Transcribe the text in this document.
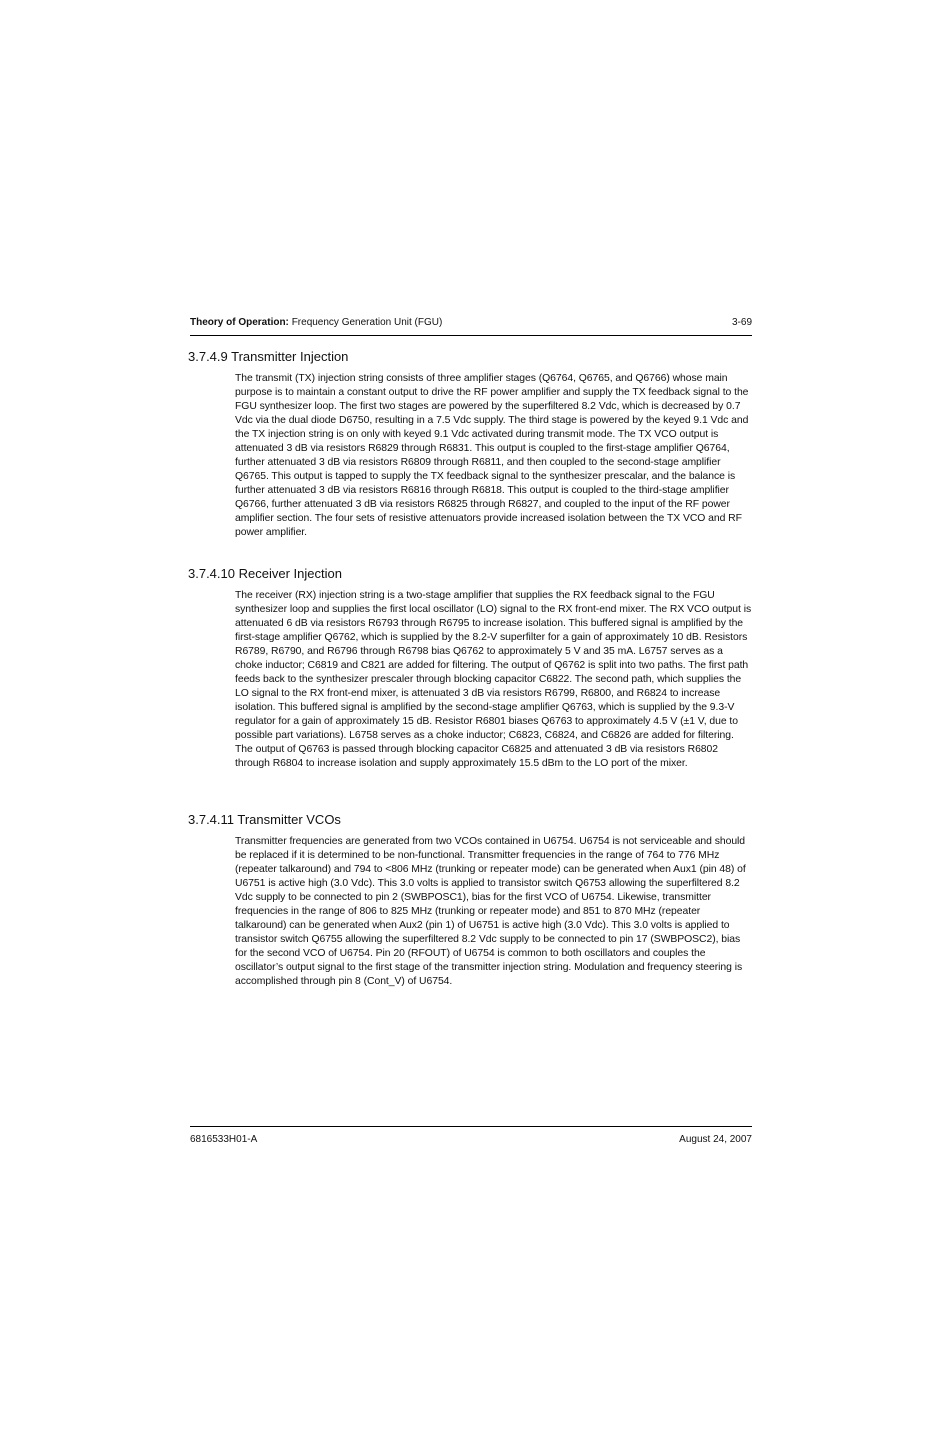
Theory of Operation: Frequency Generation Unit (FGU)	3-69
3.7.4.9 Transmitter Injection

The transmit (TX) injection string consists of three amplifier stages (Q6764, Q6765, and Q6766) whose main purpose is to maintain a constant output to drive the RF power amplifier and supply the TX feedback signal to the FGU synthesizer loop. The first two stages are powered by the superfiltered 8.2 Vdc, which is decreased by 0.7 Vdc via the dual diode D6750, resulting in a 7.5 Vdc supply. The third stage is powered by the keyed 9.1 Vdc and the TX injection string is on only with keyed 9.1 Vdc activated during transmit mode. The TX VCO output is attenuated 3 dB via resistors R6829 through R6831. This output is coupled to the first-stage amplifier Q6764, further attenuated 3 dB via resistors R6809 through R6811, and then coupled to the second-stage amplifier Q6765. This output is tapped to supply the TX feedback signal to the synthesizer prescalar, and the balance is further attenuated 3 dB via resistors R6816 through R6818. This output is coupled to the third-stage amplifier Q6766, further attenuated 3 dB via resistors R6825 through R6827, and coupled to the input of the RF power amplifier section. The four sets of resistive attenuators provide increased isolation between the TX VCO and RF power amplifier.

3.7.4.10 Receiver Injection

The receiver (RX) injection string is a two-stage amplifier that supplies the RX feedback signal to the FGU synthesizer loop and supplies the first local oscillator (LO) signal to the RX front-end mixer. The RX VCO output is attenuated 6 dB via resistors R6793 through R6795 to increase isolation. This buffered signal is amplified by the first-stage amplifier Q6762, which is supplied by the 8.2-V superfilter for a gain of approximately 10 dB. Resistors R6789, R6790, and R6796 through R6798 bias Q6762 to approximately 5 V and 35 mA. L6757 serves as a choke inductor; C6819 and C821 are added for filtering. The output of Q6762 is split into two paths. The first path feeds back to the synthesizer prescaler through blocking capacitor C6822. The second path, which supplies the LO signal to the RX front-end mixer, is attenuated 3 dB via resistors R6799, R6800, and R6824 to increase isolation. This buffered signal is amplified by the second-stage amplifier Q6763, which is supplied by the 9.3-V regulator for a gain of approximately 15 dB. Resistor R6801 biases Q6763 to approximately 4.5 V (±1 V, due to possible part variations). L6758 serves as a choke inductor; C6823, C6824, and C6826 are added for filtering. The output of Q6763 is passed through blocking capacitor C6825 and attenuated 3 dB via resistors R6802 through R6804 to increase isolation and supply approximately 15.5 dBm to the LO port of the mixer.

3.7.4.11 Transmitter VCOs

Transmitter frequencies are generated from two VCOs contained in U6754. U6754 is not serviceable and should be replaced if it is determined to be non-functional. Transmitter frequencies in the range of 764 to 776 MHz (repeater talkaround) and 794 to <806 MHz (trunking or repeater mode) can be generated when Aux1 (pin 48) of U6751 is active high (3.0 Vdc). This 3.0 volts is applied to transistor switch Q6753 allowing the superfiltered 8.2 Vdc supply to be connected to pin 2 (SWBPOSC1), bias for the first VCO of U6754. Likewise, transmitter frequencies in the range of 806 to 825 MHz (trunking or repeater mode) and 851 to 870 MHz (repeater talkaround) can be generated when Aux2 (pin 1) of U6751 is active high (3.0 Vdc). This 3.0 volts is applied to transistor switch Q6755 allowing the superfiltered 8.2 Vdc supply to be connected to pin 17 (SWBPOSC2), bias for the second VCO of U6754. Pin 20 (RFOUT) of U6754 is common to both oscillators and couples the oscillator’s output signal to the first stage of the transmitter injection string. Modulation and frequency steering is accomplished through pin 8 (Cont_V) of U6754.

6816533H01-A	August 24, 2007
